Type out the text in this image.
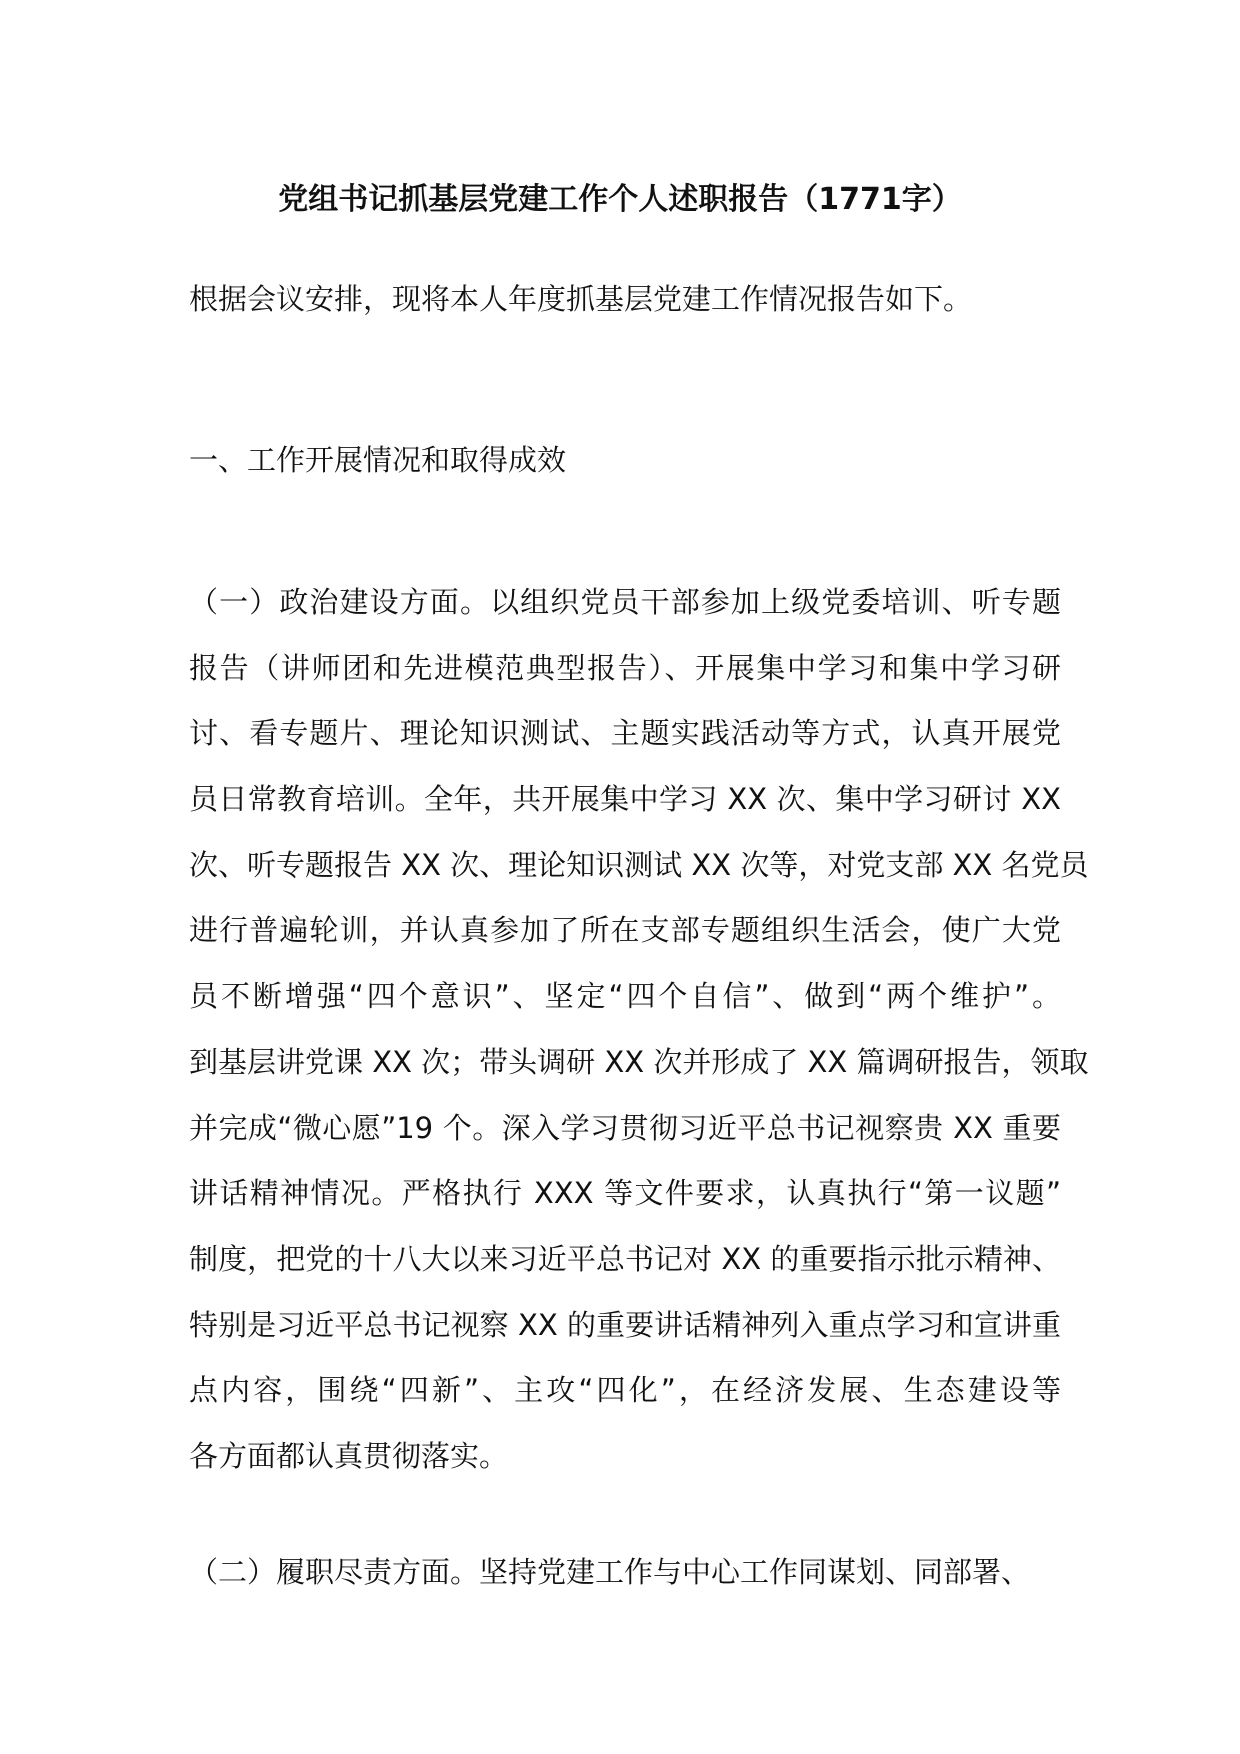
党组书记抓基层党建工作个人述职报告（1771字）
根据会议安排，现将本人年度抓基层党建工作情况报告如下。
一、工作开展情况和取得成效
（一）政治建设方面。以组织党员干部参加上级党委培训、听专题
报告（讲师团和先进模范典型报告）、开展集中学习和集中学习研
讨、看专题片、理论知识测试、主题实践活动等方式，认真开展党
员日常教育培训。全年，共开展集中学习 XX 次、集中学习研讨 XX
次、听专题报告 XX 次、理论知识测试 XX 次等，对党支部 XX 名党员
进行普遍轮训，并认真参加了所在支部专题组织生活会，使广大党
员不断增强“四个意识”、坚定“四个自信”、做到“两个维护”。
到基层讲党课 XX 次；带头调研 XX 次并形成了 XX 篇调研报告，领取
并完成“微心愿”19 个。深入学习贯彻习近平总书记视察贵 XX 重要
讲话精神情况。严格执行 XXX 等文件要求，认真执行“第一议题”
制度，把党的十八大以来习近平总书记对 XX 的重要指示批示精神、
特别是习近平总书记视察 XX 的重要讲话精神列入重点学习和宣讲重
点内容，围绕“四新”、主攻“四化”，在经济发展、生态建设等
各方面都认真贯彻落实。
（二）履职尽责方面。坚持党建工作与中心工作同谋划、同部署、
